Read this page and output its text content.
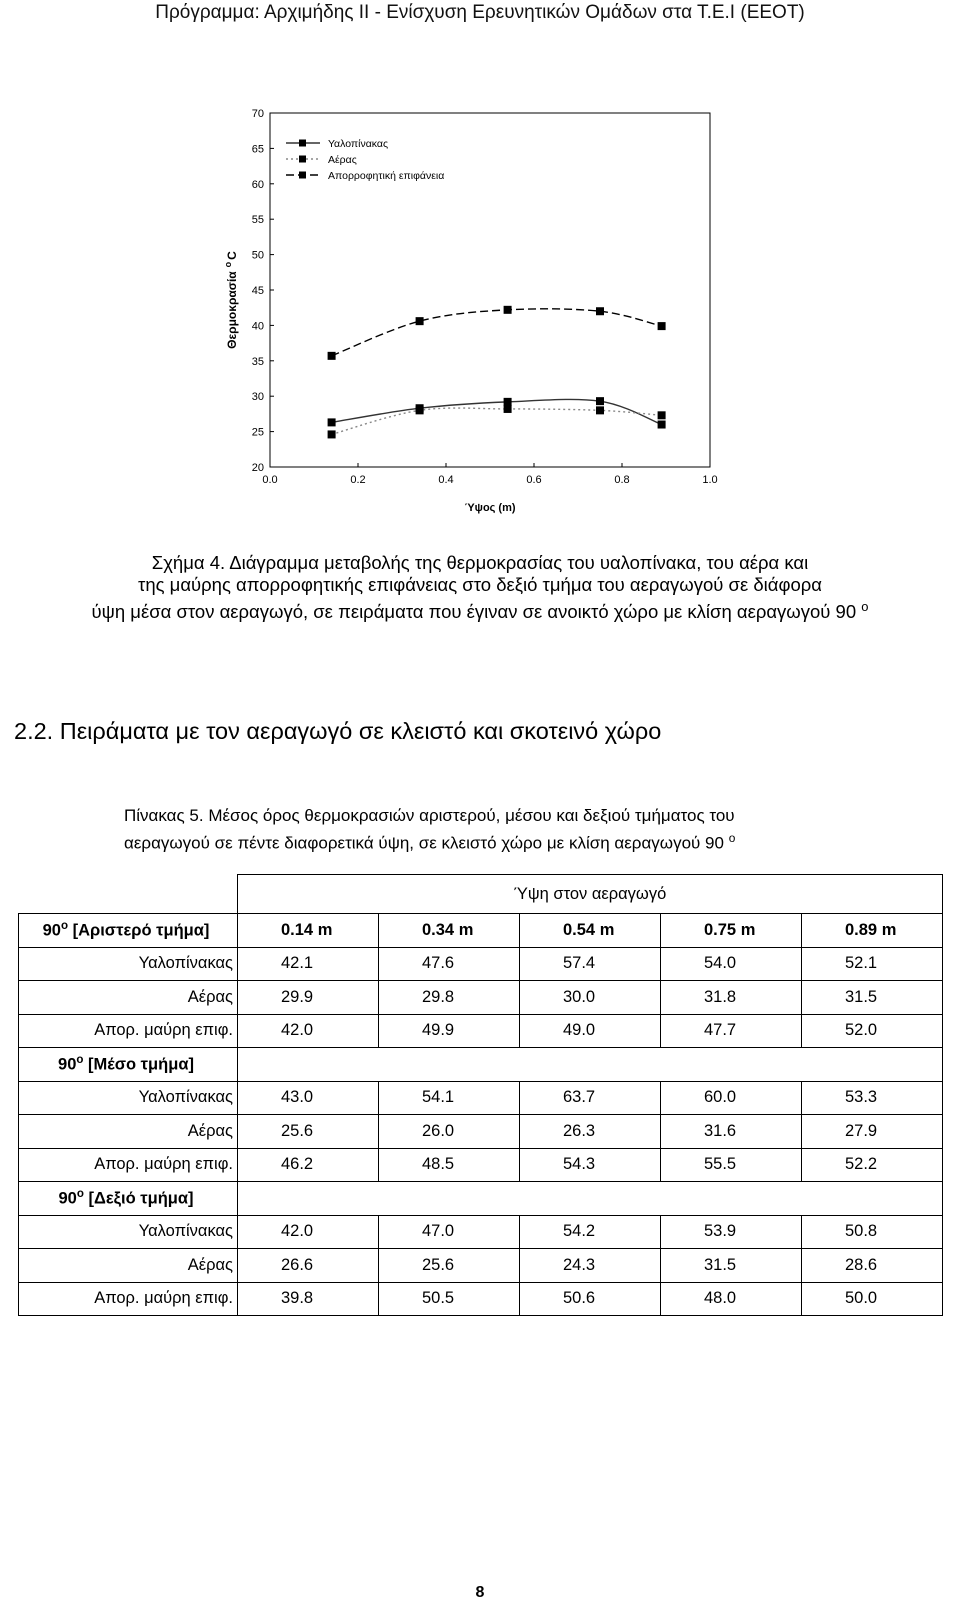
Πρόγραμμα: Αρχιμήδης ΙΙ - Ενίσχυση Ερευνητικών Ομάδων στα Τ.Ε.Ι (ΕΕΟΤ)
20
25
30
35
40
45
50
55
60
65
70
0.0	0.2	0.4	0.6	0.8	1.0
Ύψος (m)
Θερμοκρασία$^o$C
Υαλοπίνακας
Αέρας
Απορροφητική επιφάνεια
Σχήμα 4. Διάγραμμα μεταβολής της θερμοκρασίας του υαλοπίνακα, του αέρα και
της μαύρης απορροφητικής επιφάνειας στο δεξιό τμήμα του αεραγωγού σε διάφορα
ύψη μέσα στον αεραγωγό, σε πειράματα που έγιναν σε ανοικτό χώρο με κλίση αεραγωγού 90 $^o$
2.2. Πειράματα με τον αεραγωγό σε κλειστό και σκοτεινό χώρο
Πίνακας 5. Μέσος όρος θερμοκρασιών αριστερού, μέσου και δεξιού τμήματος του
αεραγωγού σε πέντε διαφορετικά ύψη, σε κλειστό χώρο με κλίση αεραγωγού 90 $^o$
	Ύψη στον αεραγωγό				
$90^o$ [Αριστερό τμήμα]	0.14 m	0.34 m	0.54 m	0.75 m	0.89 m
Υαλοπίνακας	42.1	47.6	57.4	54.0	52.1
Αέρας	29.9	29.8	30.0	31.8	31.5
Απορ. μαύρη επιφ.	42.0	49.9	49.0	47.7	52.0
$90^o$ [Μέσο τμήμα]					
Υαλοπίνακας	43.0	54.1	63.7	60.0	53.3
Αέρας	25.6	26.0	26.3	31.6	27.9
Απορ. μαύρη επιφ.	46.2	48.5	54.3	55.5	52.2
$90^o$ [Δεξιό τμήμα]					
Υαλοπίνακας	42.0	47.0	54.2	53.9	50.8
Αέρας	26.6	25.6	24.3	31.5	28.6
Απορ. μαύρη επιφ.	39.8	50.5	50.6	48.0	50.0
8
